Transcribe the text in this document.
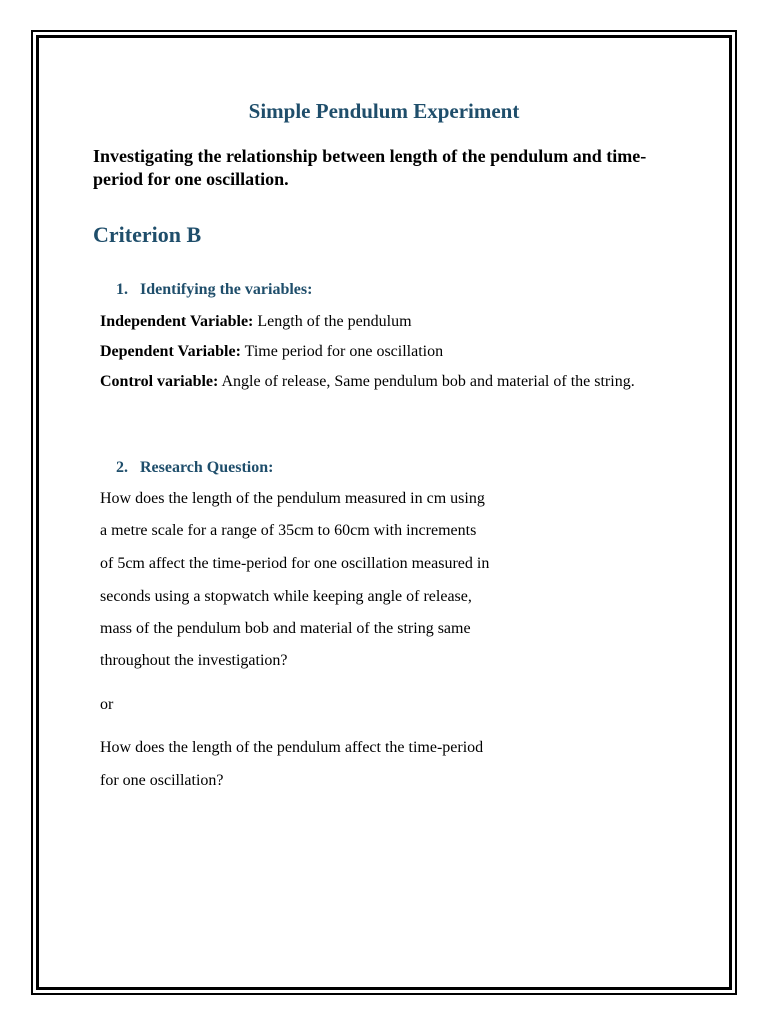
Simple Pendulum Experiment
Investigating the relationship between length of the pendulum and time-period for one oscillation.
Criterion B
1. Identifying the variables:
Independent Variable: Length of the pendulum
Dependent Variable: Time period for one oscillation
Control variable: Angle of release, Same pendulum bob and material of the string.
2. Research Question:
How does the length of the pendulum measured in cm using
a metre scale for a range of 35cm to 60cm with increments
of 5cm affect the time-period for one oscillation measured in
seconds using a stopwatch while keeping angle of release,
mass of the pendulum bob and material of the string same
throughout the investigation?
or
How does the length of the pendulum affect the time-period
for one oscillation?
